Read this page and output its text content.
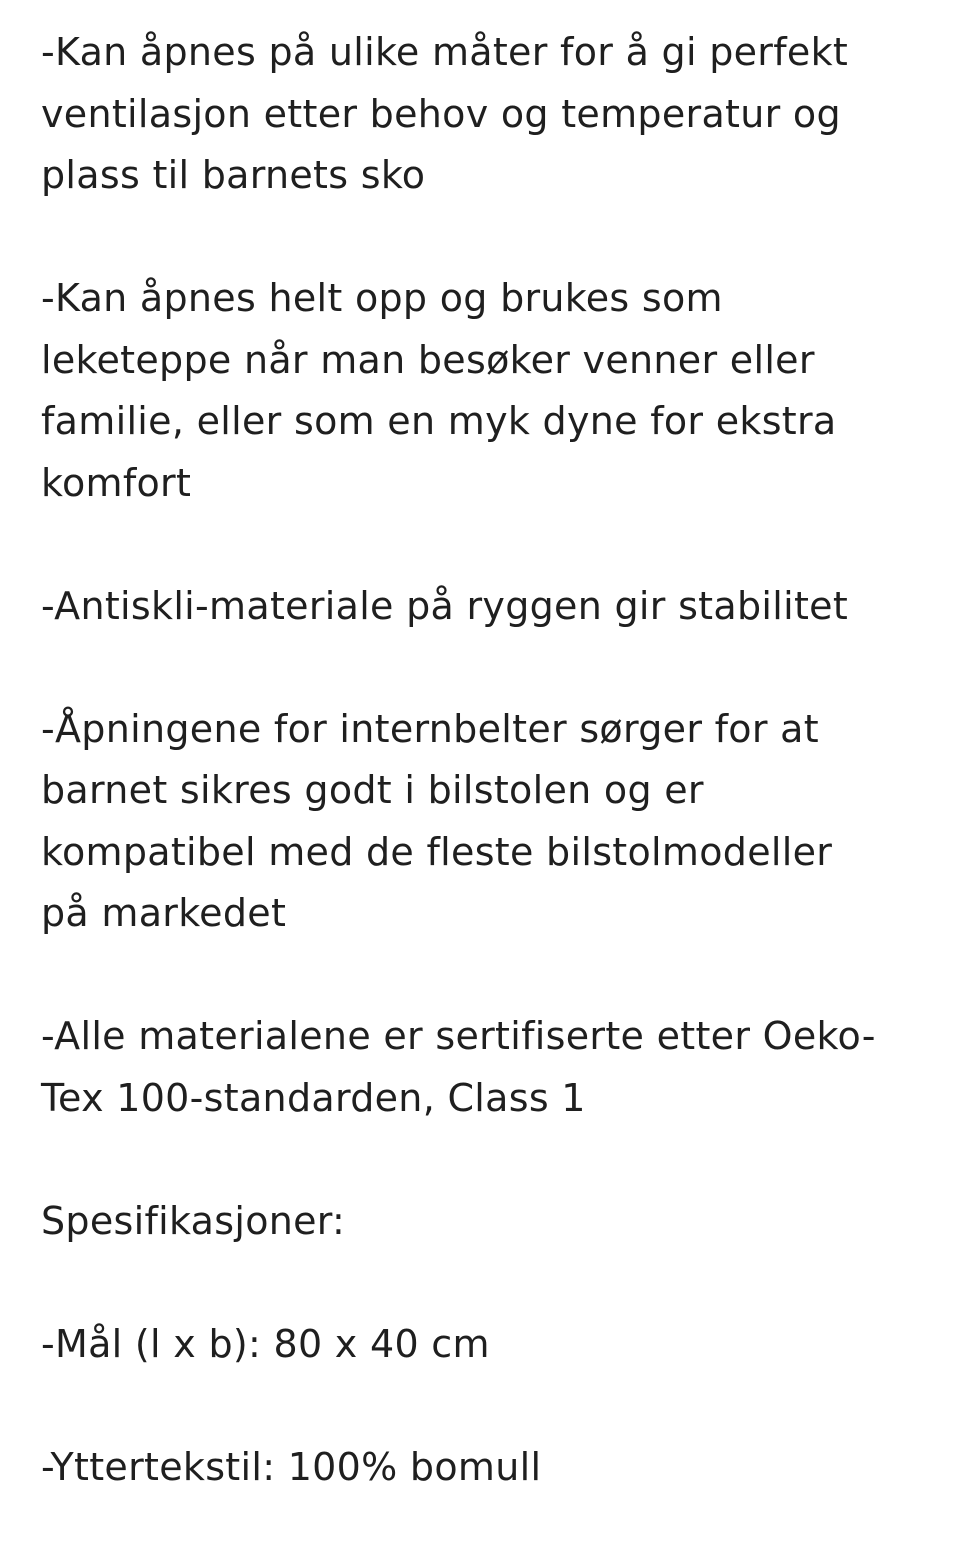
-Kan åpnes på ulike måter for å gi perfekt
ventilasjon etter behov og temperatur og
plass til barnets sko

-Kan åpnes helt opp og brukes som
leketeppe når man besøker venner eller
familie, eller som en myk dyne for ekstra
komfort

-Antiskli-materiale på ryggen gir stabilitet

-Åpningene for internbelter sørger for at
barnet sikres godt i bilstolen og er
kompatibel med de fleste bilstolmodeller
på markedet

-Alle materialene er sertifiserte etter Oeko-
Tex 100-standarden, Class 1

Spesifikasjoner:

-Mål (l x b): 80 x 40 cm

-Yttertekstil: 100% bomull
